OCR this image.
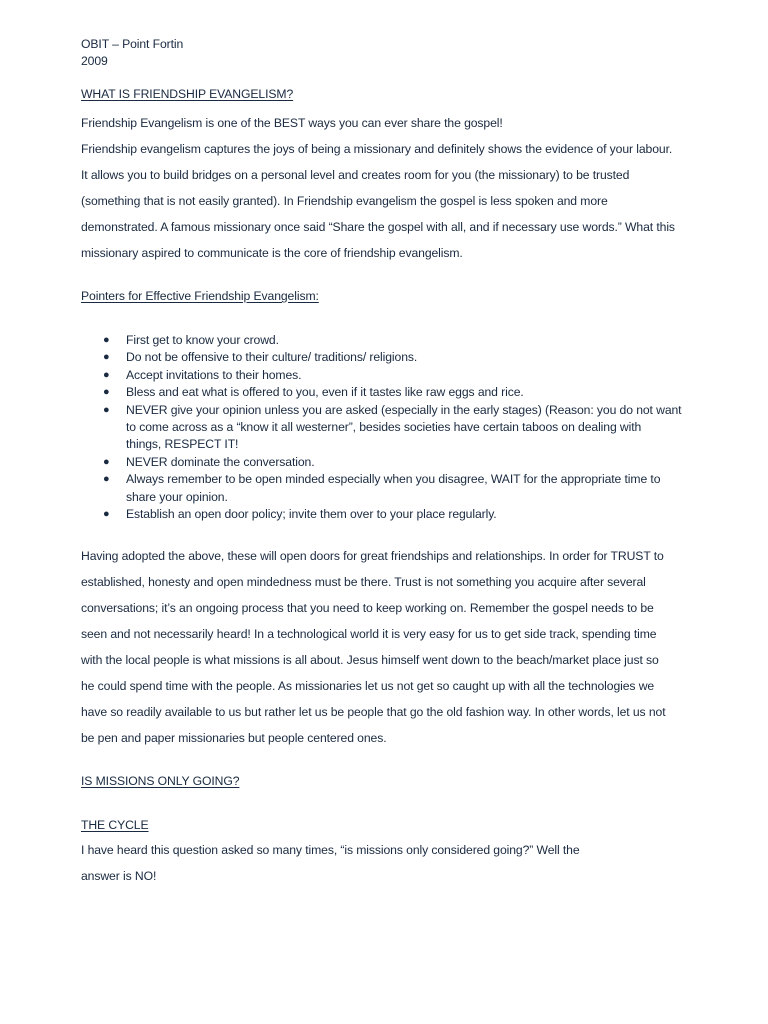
OBIT – Point Fortin
2009
WHAT IS FRIENDSHIP EVANGELISM?

Friendship Evangelism is one of the BEST ways you can ever share the gospel!

Friendship evangelism captures the joys of being a missionary and definitely shows the evidence of your labour.
It allows you to build bridges on a personal level and creates room for you (the missionary) to be trusted
(something that is not easily granted). In Friendship evangelism the gospel is less spoken and more
demonstrated. A famous missionary once said “Share the gospel with all, and if necessary use words.” What this
missionary aspired to communicate is the core of friendship evangelism.

Pointers for Effective Friendship Evangelism:
● First get to know your crowd.
● Do not be offensive to their culture/ traditions/ religions.
● Accept invitations to their homes.
● Bless and eat what is offered to you, even if it tastes like raw eggs and rice.
● NEVER give your opinion unless you are asked (especially in the early stages) (Reason: you do not want
to come across as a “know it all westerner”, besides societies have certain taboos on dealing with
things, RESPECT IT!
● NEVER dominate the conversation.
● Always remember to be open minded especially when you disagree, WAIT for the appropriate time to
share your opinion.
● Establish an open door policy; invite them over to your place regularly.

Having adopted the above, these will open doors for great friendships and relationships. In order for TRUST to
established, honesty and open mindedness must be there. Trust is not something you acquire after several
conversations; it’s an ongoing process that you need to keep working on. Remember the gospel needs to be
seen and not necessarily heard! In a technological world it is very easy for us to get side track, spending time
with the local people is what missions is all about. Jesus himself went down to the beach/market place just so
he could spend time with the people. As missionaries let us not get so caught up with all the technologies we
have so readily available to us but rather let us be people that go the old fashion way. In other words, let us not
be pen and paper missionaries but people centered ones.

IS MISSIONS ONLY GOING?
THE CYCLE

I have heard this question asked so many times, “is missions only considered going?” Well the
answer is NO!
